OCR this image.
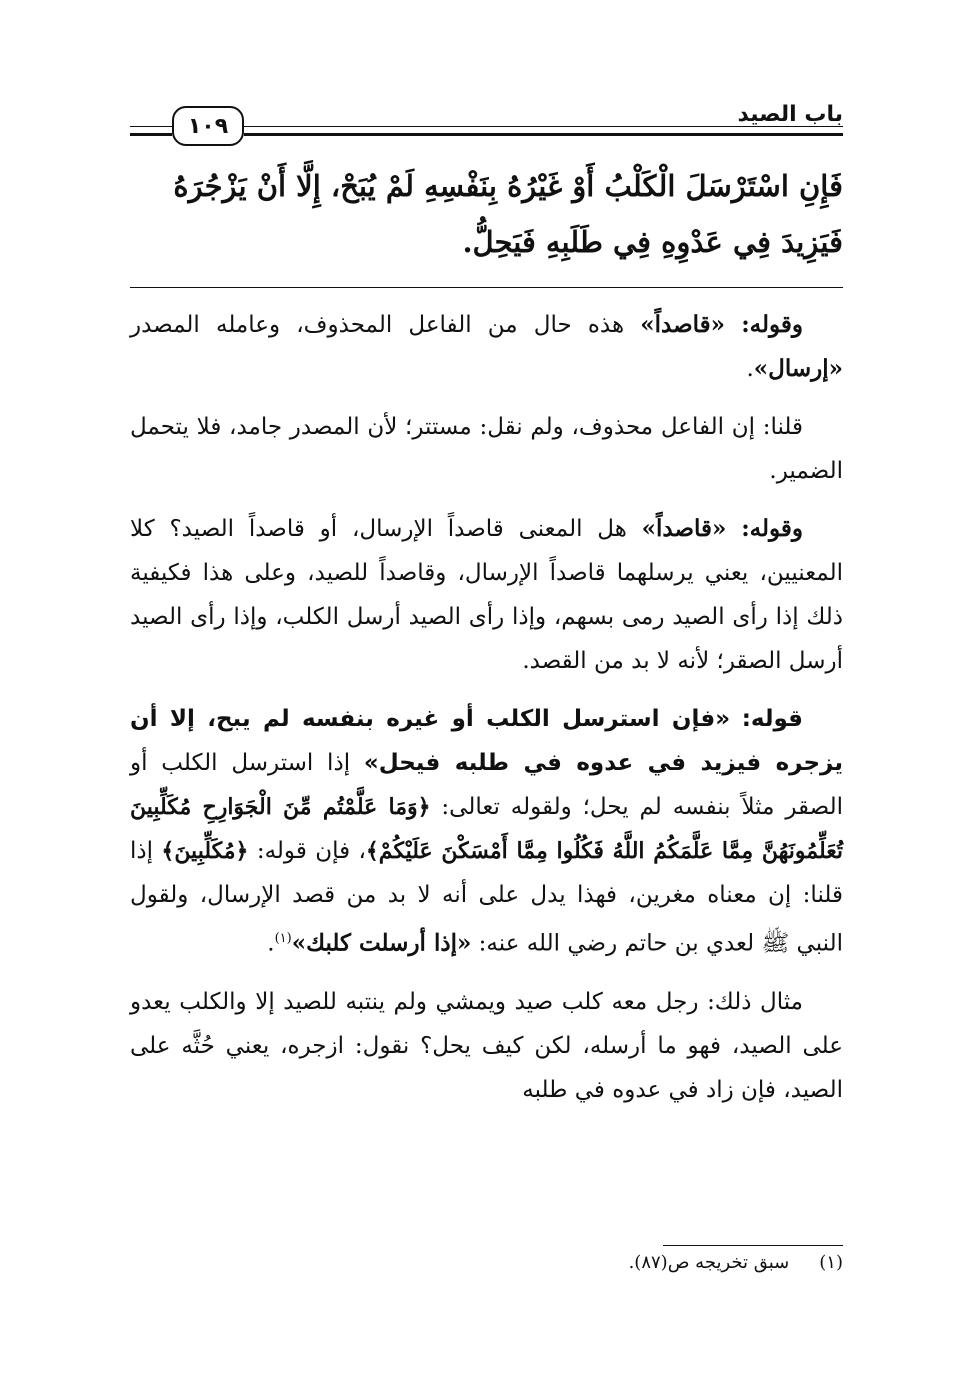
باب الصيد
١٠٩
فَإِنِ اسْتَرْسَلَ الْكَلْبُ أَوْ غَيْرُهُ بِنَفْسِهِ لَمْ يُبَحْ، إِلَّا أَنْ يَزْجُرَهُ
فَيَزِيدَ فِي عَدْوِهِ فِي طَلَبِهِ فَيَحِلُّ.

وقوله: «قاصداً» هذه حال من الفاعل المحذوف، وعامله المصدر «إرسال».

قلنا: إن الفاعل محذوف، ولم نقل: مستتر؛ لأن المصدر جامد، فلا يتحمل الضمير.

وقوله: «قاصداً» هل المعنى قاصداً الإرسال، أو قاصداً الصيد؟ كلا المعنيين، يعني يرسلهما قاصداً الإرسال، وقاصداً للصيد، وعلى هذا فكيفية ذلك إذا رأى الصيد رمى بسهم، وإذا رأى الصيد أرسل الكلب، وإذا رأى الصيد أرسل الصقر؛ لأنه لا بد من القصد.

قوله: «فإن استرسل الكلب أو غيره بنفسه لم يبح، إلا أن يزجره فيزيد في عدوه في طلبه فيحل» إذا استرسل الكلب أو الصقر مثلاً بنفسه لم يحل؛ ولقوله تعالى: ﴿وَمَا عَلَّمْتُم مِّنَ الْجَوَارِحِ مُكَلِّبِينَ تُعَلِّمُونَهُنَّ مِمَّا عَلَّمَكُمُ اللَّهُ فَكُلُوا مِمَّا أَمْسَكْنَ عَلَيْكُمْ﴾، فإن قوله: ﴿مُكَلِّبِينَ﴾ إذا قلنا: إن معناه مغرين، فهذا يدل على أنه لا بد من قصد الإرسال، ولقول النبي ﷺ لعدي بن حاتم رضي الله عنه: «إذا أرسلت كلبك»$^{(١)}$.

مثال ذلك: رجل معه كلب صيد ويمشي ولم ينتبه للصيد إلا والكلب يعدو على الصيد، فهو ما أرسله، لكن كيف يحل؟ نقول: ازجره، يعني حُثَّه على الصيد، فإن زاد في عدوه في طلبه

(١)سبق تخريجه ص(٨٧).
